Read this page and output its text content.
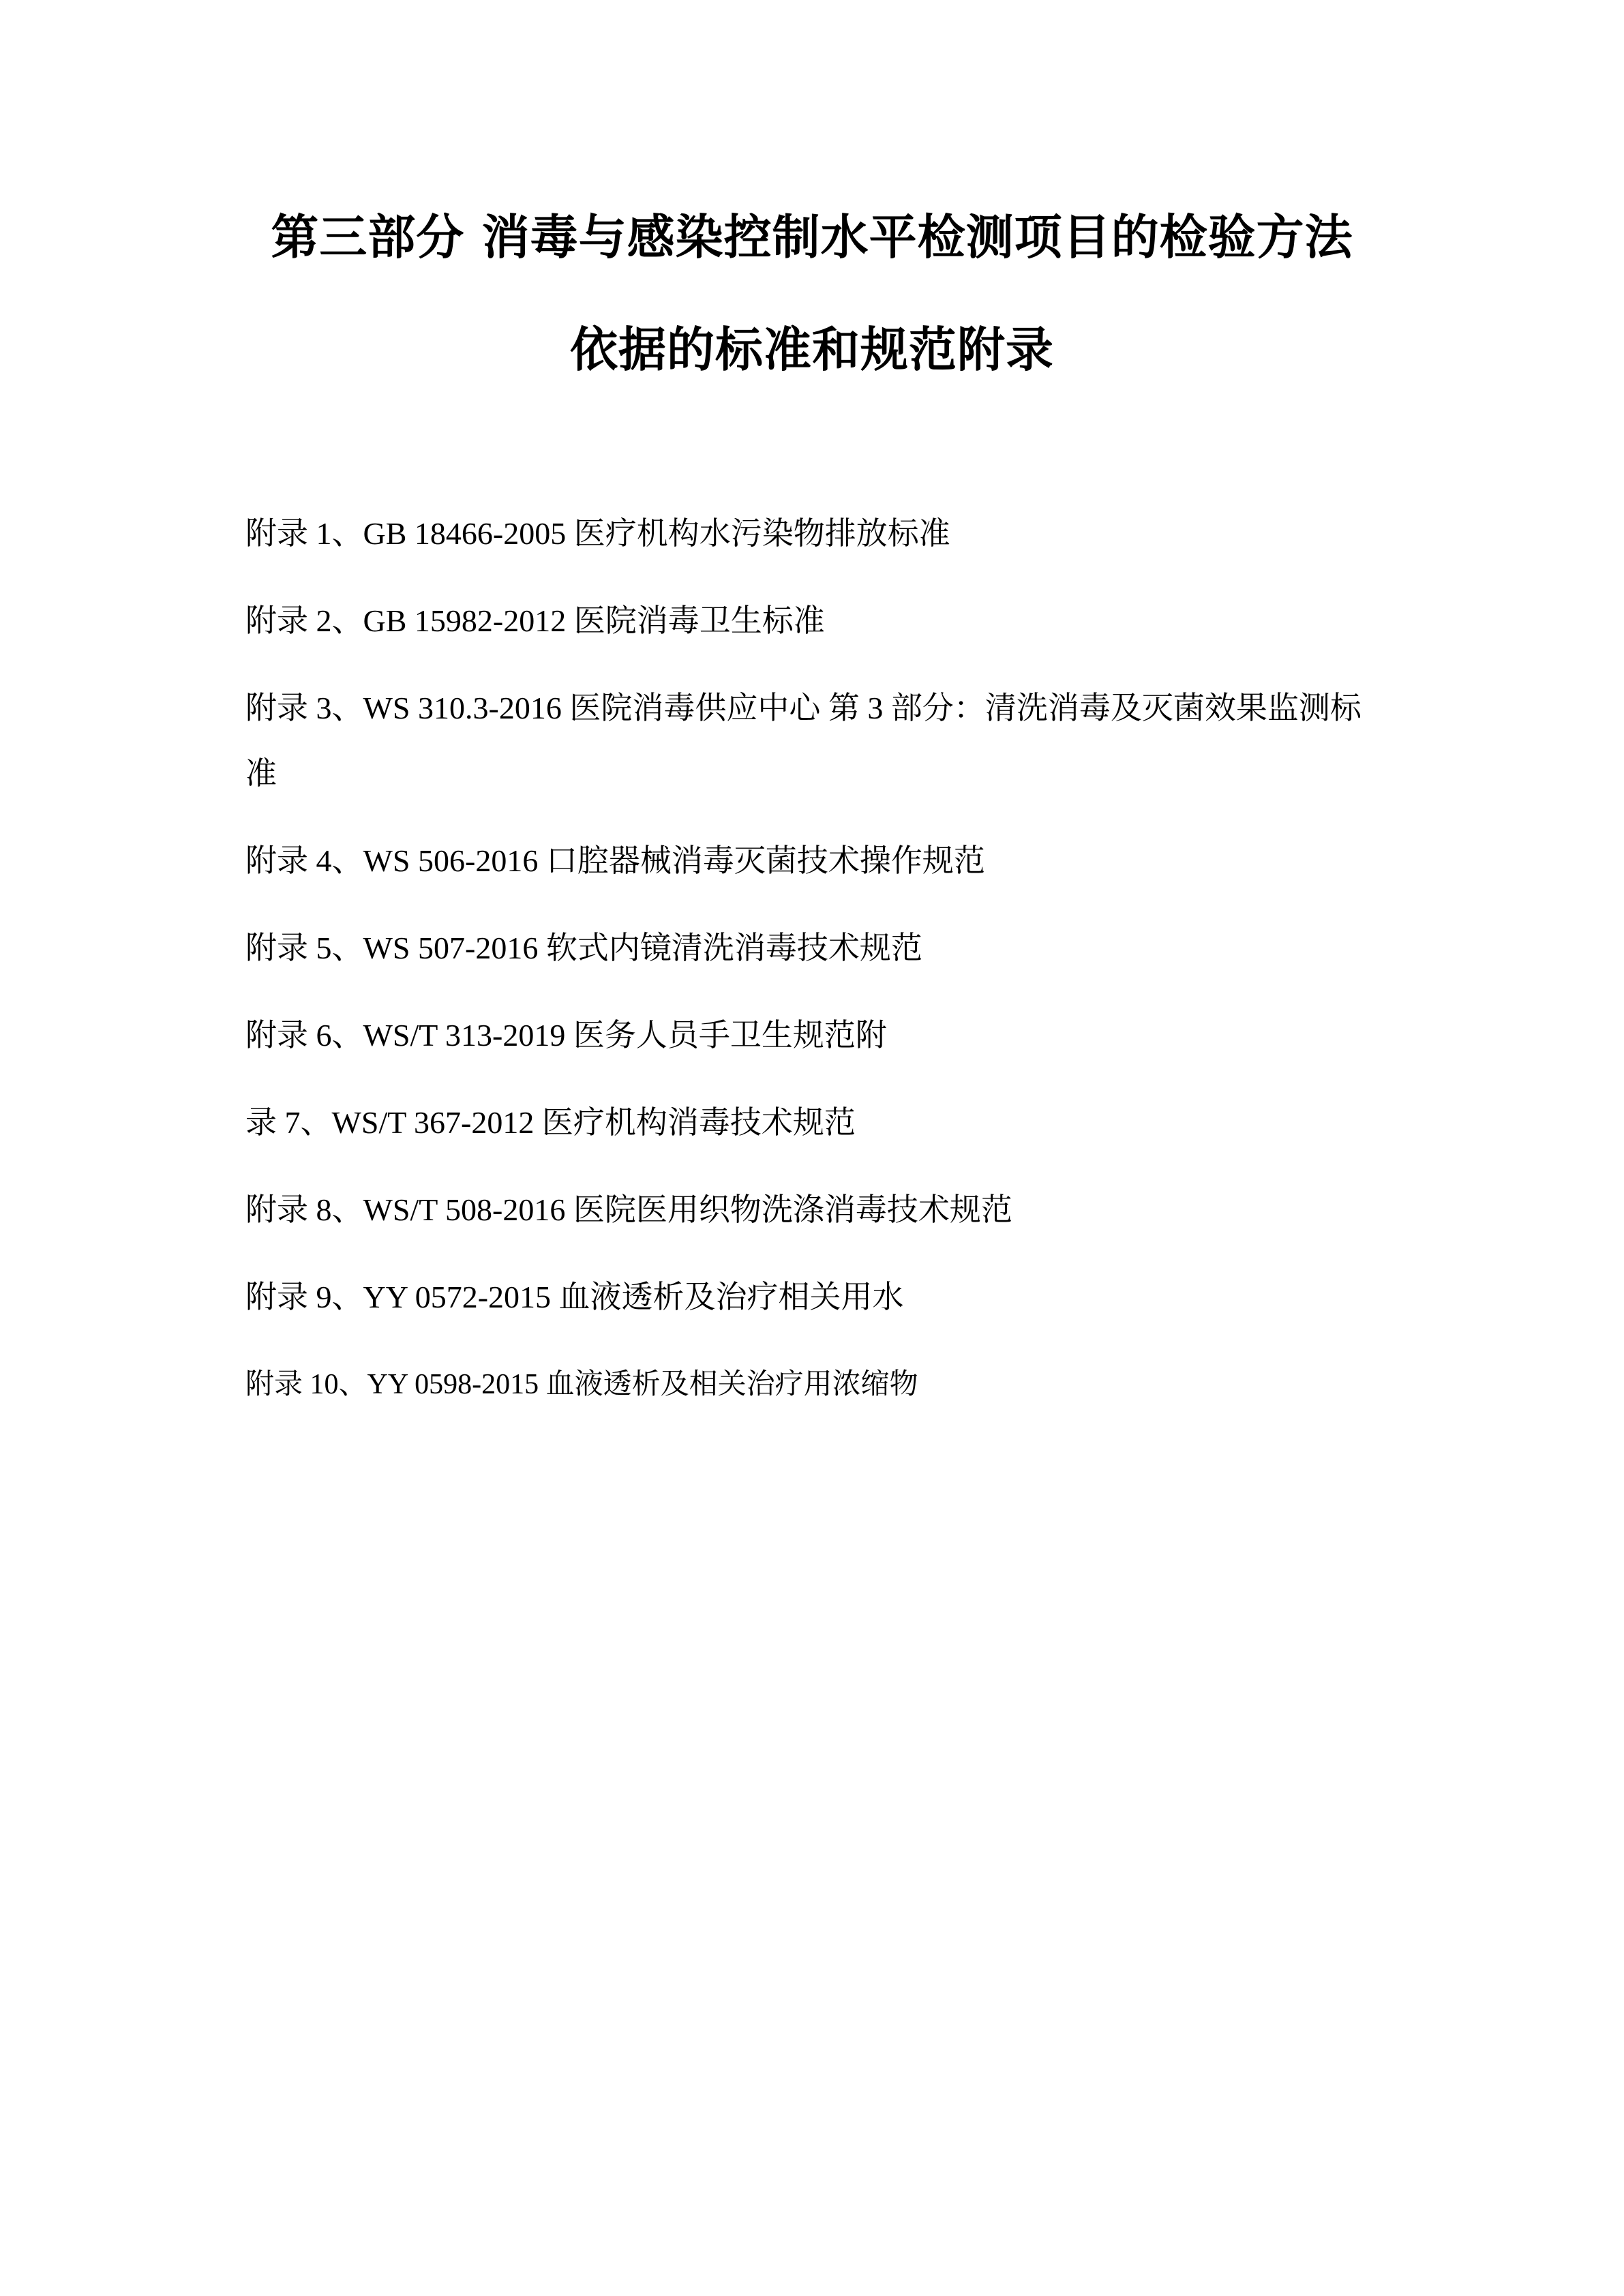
第三部分 消毒与感染控制水平检测项目的检验方法
依据的标准和规范附录
附录 1、GB 18466-2005 医疗机构水污染物排放标准
附录 2、GB 15982-2012 医院消毒卫生标准
附录 3、WS 310.3-2016 医院消毒供应中心 第 3 部分：清洗消毒及灭菌效果监测标准
附录 4、WS 506-2016 口腔器械消毒灭菌技术操作规范
附录 5、WS 507-2016 软式内镜清洗消毒技术规范
附录 6、WS/T 313-2019 医务人员手卫生规范附
录 7、WS/T 367-2012 医疗机构消毒技术规范
附录 8、WS/T 508-2016 医院医用织物洗涤消毒技术规范
附录 9、YY 0572-2015 血液透析及治疗相关用水
附录 10、YY 0598-2015 血液透析及相关治疗用浓缩物
